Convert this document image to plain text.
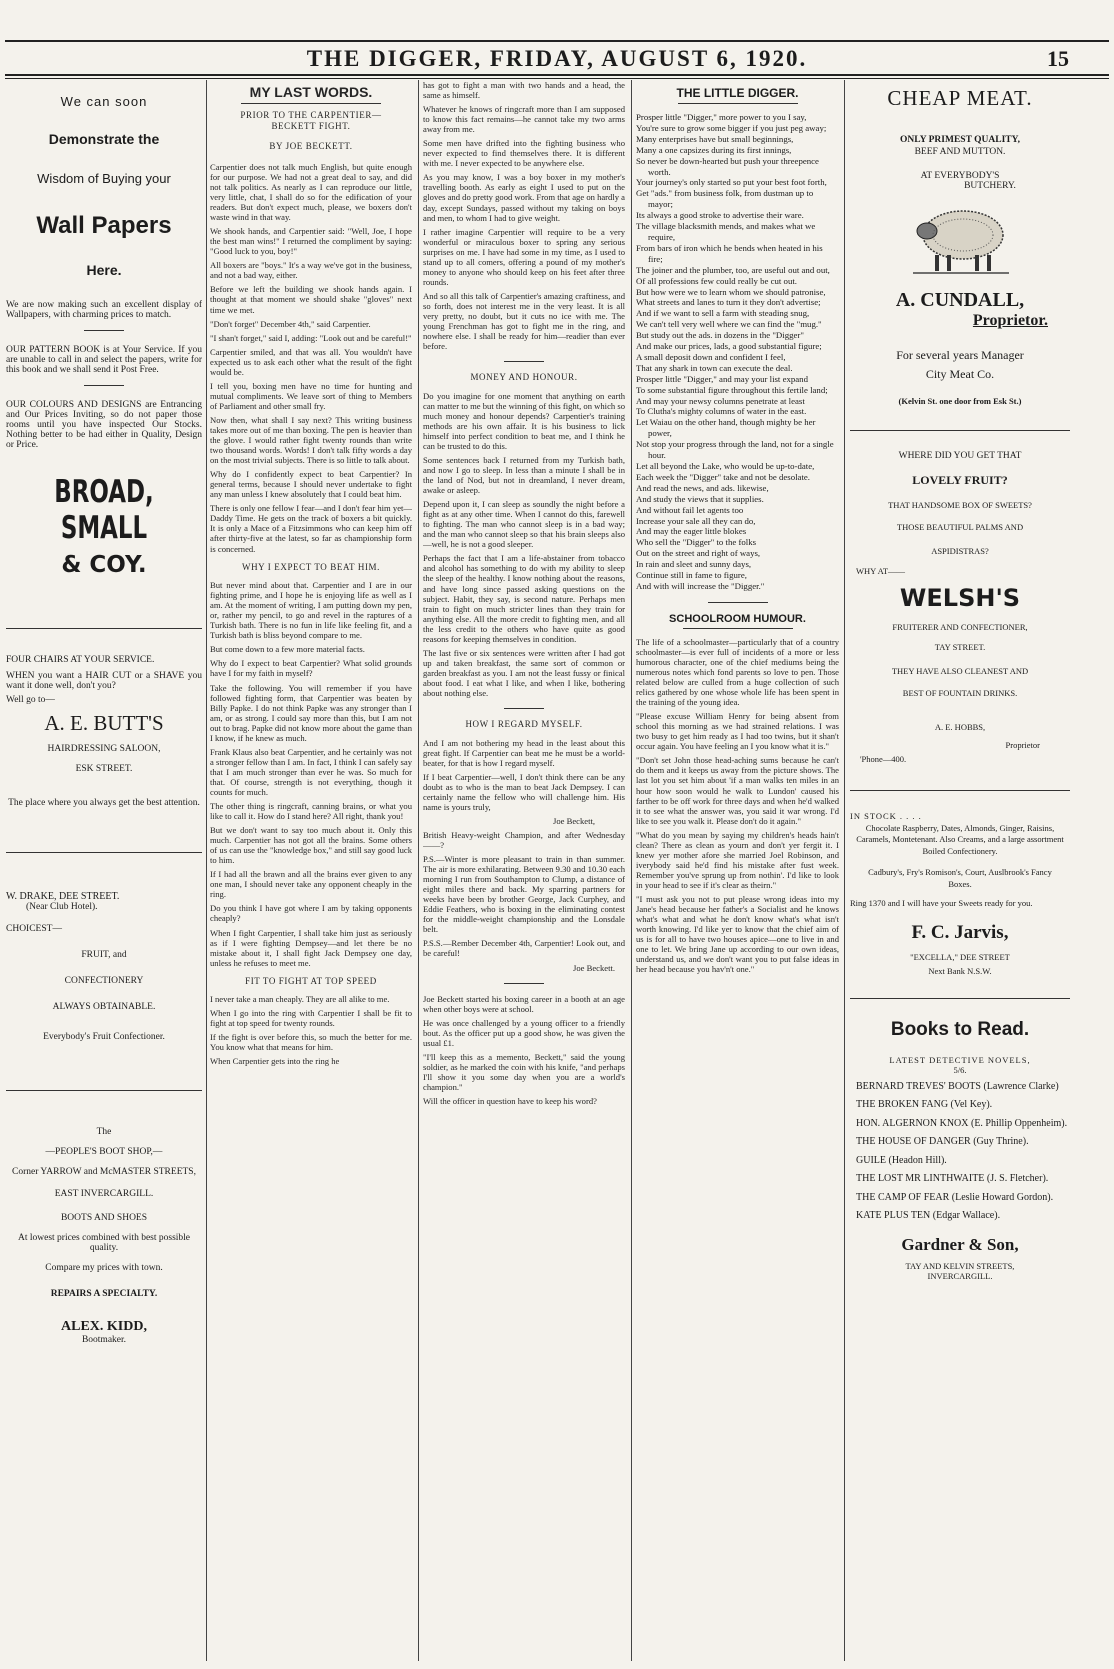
THE DIGGER, FRIDAY, AUGUST 6, 1920.	15
We can soon
Demonstrate the
Wisdom of Buying your
Wall Papers
Here.

We are now making such an excellent display of Wallpapers, with charming prices to match.

OUR PATTERN BOOK is at Your Service. If you are unable to call in and select the papers, write for this book and we shall send it Post Free.

OUR COLOURS AND DESIGNS are Entrancing and Our Prices Inviting, so do not paper those rooms until you have inspected Our Stocks. Nothing better to be had either in Quality, Design or Price.

BROAD, SMALL
& COY.
FOUR CHAIRS AT YOUR SERVICE.

WHEN you want a HAIR CUT or a SHAVE you want it done well, don't you?

Well go to—
A. E. BUTT'S
HAIRDRESSING SALOON,
ESK STREET.
The place where you always get the best attention.
W. DRAKE, DEE STREET.
(Near Club Hotel).
CHOICEST—
FRUIT, and
CONFECTIONERY
ALWAYS OBTAINABLE.
Everybody's Fruit Confectioner.
The
—PEOPLE'S BOOT SHOP,—
Corner YARROW and McMASTER STREETS,
EAST INVERCARGILL.
BOOTS AND SHOES
At lowest prices combined with best possible quality.
Compare my prices with town.
REPAIRS A SPECIALTY.
ALEX. KIDD,
Bootmaker.
MY LAST WORDS.
PRIOR TO THE CARPENTIER—BECKETT FIGHT.
BY JOE BECKETT.

Carpentier does not talk much English, but quite enough for our purpose. We had not a great deal to say, and did not talk politics. As nearly as I can reproduce our little, very little, chat, I shall do so for the edification of your readers. But don't expect much, please, we boxers don't waste wind in that way.

We shook hands, and Carpentier said: "Well, Joe, I hope the best man wins!" I returned the compliment by saying: "Good luck to you, boy!"

All boxers are "boys." It's a way we've got in the business, and not a bad way, either.

Before we left the building we shook hands again. I thought at that moment we should shake "gloves" next time we met.

"Don't forget" December 4th," said Carpentier.

"I shan't forget," said I, adding: "Look out and be careful!"

Carpentier smiled, and that was all. You wouldn't have expected us to ask each other what the result of the fight would be.

I tell you, boxing men have no time for hunting and mutual compliments. We leave sort of thing to Members of Parliament and other small fry.

Now then, what shall I say next? This writing business takes more out of me than boxing. The pen is heavier than the glove. I would rather fight twenty rounds than write two thousand words. Words! I don't talk fifty words a day on the most trivial subjects. There is so little to talk about.

Why do I confidently expect to beat Carpentier? In general terms, because I should never undertake to fight any man unless I knew absolutely that I could beat him.

There is only one fellow I fear—and I don't fear him yet—Daddy Time. He gets on the track of boxers a bit quickly. It is only a Mace of a Fitzsimmons who can keep him off after thirty-five at the latest, so far as championship form is concerned.

WHY I EXPECT TO BEAT HIM.

But never mind about that. Carpentier and I are in our fighting prime, and I hope he is enjoying life as well as I am. At the moment of writing, I am putting down my pen, or, rather my pencil, to go and revel in the raptures of a Turkish bath. There is no fun in life like feeling fit, and a Turkish bath is bliss beyond compare to me.

But come down to a few more material facts.

Why do I expect to beat Carpentier? What solid grounds have I for my faith in myself?

Take the following. You will remember if you have followed fighting form, that Carpentier was beaten by Billy Papke. I do not think Papke was any stronger than I am, or as strong. I could say more than this, but I am not out to brag. Papke did not know more about the game than I know, if he knew as much.

Frank Klaus also beat Carpentier, and he certainly was not a stronger fellow than I am. In fact, I think I can safely say that I am much stronger than ever he was. So much for that. Of course, strength is not everything, though it counts for much.

The other thing is ringcraft, canning brains, or what you like to call it. How do I stand here? All right, thank you!

But we don't want to say too much about it. Only this much. Carpentier has not got all the brains. Some others of us can use the "knowledge box," and still say good luck to him.

If I had all the brawn and all the brains ever given to any one man, I should never take any opponent cheaply in the ring.

Do you think I have got where I am by taking opponents cheaply?

When I fight Carpentier, I shall take him just as seriously as if I were fighting Dempsey—and let there be no mistake about it, I shall fight Jack Dempsey one day, unless he refuses to meet me.

FIT TO FIGHT AT TOP SPEED

I never take a man cheaply. They are all alike to me.

When I go into the ring with Carpentier I shall be fit to fight at top speed for twenty rounds.

If the fight is over before this, so much the better for me. You know what that means for him.

When Carpentier gets into the ring he

has got to fight a man with two hands and a head, the same as himself.

Whatever he knows of ringcraft more than I am supposed to know this fact remains—he cannot take my two arms away from me.

Some men have drifted into the fighting business who never expected to find themselves there. It is different with me. I never expected to be anywhere else.

As you may know, I was a boy boxer in my mother's travelling booth. As early as eight I used to put on the gloves and do pretty good work. From that age on hardly a day, except Sundays, passed without my taking on boys and men, to whom I had to give weight.

I rather imagine Carpentier will require to be a very wonderful or miraculous boxer to spring any serious surprises on me. I have had some in my time, as I used to stand up to all comers, offering a pound of my mother's money to anyone who should keep on his feet after three rounds.

And so all this talk of Carpentier's amazing craftiness, and so forth, does not interest me in the very least. It is all very pretty, no doubt, but it cuts no ice with me. The young Frenchman has got to fight me in the ring, and nowhere else. I shall be ready for him—readier than ever before.

MONEY AND HONOUR.

Do you imagine for one moment that anything on earth can matter to me but the winning of this fight, on which so much money and honour depends? Carpentier's training methods are his own affair. It is his business to lick himself into perfect condition to beat me, and I think he can be trusted to do this.

Some sentences back I returned from my Turkish bath, and now I go to sleep. In less than a minute I shall be in the land of Nod, but not in dreamland, I never dream, awake or asleep.

Depend upon it, I can sleep as soundly the night before a fight as at any other time. When I cannot do this, farewell to fighting. The man who cannot sleep is in a bad way; and the man who cannot sleep so that his brain sleeps also—well, he is not a good sleeper.

Perhaps the fact that I am a life-abstainer from tobacco and alcohol has something to do with my ability to sleep the sleep of the healthy. I know nothing about the reasons, and have long since passed asking questions on the subject. Habit, they say, is second nature. Perhaps men train to fight on much stricter lines than they train for anything else. All the more credit to fighting men, and all the less credit to the others who have quite as good reasons for keeping themselves in condition.

The last five or six sentences were written after I had got up and taken breakfast, the same sort of common or garden breakfast as you. I am not the least fussy or finical about food. I eat what I like, and when I like, bothering about nothing else.

HOW I REGARD MYSELF.

And I am not bothering my head in the least about this great fight. If Carpentier can beat me he must be a world-beater, for that is how I regard myself.

If I beat Carpentier—well, I don't think there can be any doubt as to who is the man to beat Jack Dempsey. I can certainly name the fellow who will challenge him. His name is yours truly,

Joe Beckett,

British Heavy-weight Champion, and after Wednesday ——?

P.S.—Winter is more pleasant to train in than summer. The air is more exhilarating. Between 9.30 and 10.30 each morning I run from Southampton to Clump, a distance of eight miles there and back. My sparring partners for weeks have been by brother George, Jack Curphey, and Eddie Feathers, who is boxing in the eliminating contest for the middle-weight championship and the Lonsdale belt.

P.S.S.—Rember December 4th, Carpentier! Look out, and be careful!

Joe Beckett.

Joe Beckett started his boxing career in a booth at an age when other boys were at school.

He was once challenged by a young officer to a friendly bout. As the officer put up a good show, he was given the usual £1.

"I'll keep this as a memento, Beckett," said the young soldier, as he marked the coin with his knife, "and perhaps I'll show it you some day when you are a world's champion."

Will the officer in question have to keep his word?

THE LITTLE DIGGER.
Prosper little "Digger," more power to you I say,
You're sure to grow some bigger if you just peg away;
Many enterprises have but small beginnings,
Many a one capsizes during its first innings,
So never be down-hearted but push your threepence worth.
Your journey's only started so put your best foot forth,
Get "ads." from business folk, from dustman up to mayor;
Its always a good stroke to advertise their ware.
The village blacksmith mends, and makes what we require,
From bars of iron which he bends when heated in his fire;
The joiner and the plumber, too, are useful out and out,
Of all professions few could really be cut out.
But how were we to learn whom we should patronise,
What streets and lanes to turn it they don't advertise;
And if we want to sell a farm with steading snug,
We can't tell very well where we can find the "mug."
But study out the ads. in dozens in the "Digger"
And make our prices, lads, a good substantial figure;
A small deposit down and confident I feel,
That any shark in town can execute the deal.
Prosper little "Digger," and may your list expand
To some substantial figure throughout this fertile land;
And may your newsy columns penetrate at least
To Clutha's mighty columns of water in the east.
Let Waiau on the other hand, though mighty be her power,
Not stop your progress through the land, not for a single hour.
Let all beyond the Lake, who would be up-to-date,
Each week the "Digger" take and not be desolate.
And read the news, and ads. likewise,
And study the views that it supplies.
And without fail let agents too
Increase your sale all they can do,
And may the eager little blokes
Who sell the "Digger" to the folks
Out on the street and right of ways,
In rain and sleet and sunny days,
Continue still in fame to figure,
And with will increase the "Digger."
SCHOOLROOM HUMOUR.

The life of a schoolmaster—particularly that of a country schoolmaster—is ever full of incidents of a more or less humorous character, one of the chief mediums being the numerous notes which fond parents so love to pen. Those related below are culled from a huge collection of such relics gathered by one whose whole life has been spent in the training of the young idea.

"Please excuse William Henry for being absent from school this morning as we had strained relations. I was two busy to get him ready as I had too twins, but it shan't occur again. You have feeling an I you know what it is."

"Don't set John those head-aching sums because he can't do them and it keeps us away from the picture shows. The last lot you set him about 'if a man walks ten miles in an hour how soon would he walk to Lundon' caused his farther to be off work for three days and when he'd walked it to see what the answer was, you said it war wrong. I'd like to see you walk it. Please don't do it again."

"What do you mean by saying my children's heads hain't clean? There as clean as yourn and don't yer fergit it. I knew yer mother afore she married Joel Robinson, and iverybody said he'd find his mistake after fust week. Remember you've sprung up from nothin'. I'd like to look in your head to see if it's clear as theirn."

"I must ask you not to put please wrong ideas into my Jane's head because her father's a Socialist and he knows what's what and what he don't know what's what isn't worth knowing. I'd like yer to know that the chief aim of us is for all to have two houses apice—one to live in and one to let. We bring Jane up according to our own ideas, understand us, and we don't want you to put false ideas in her head because you hav'n't one."

CHEAP MEAT.
ONLY PRIMEST QUALITY,
BEEF AND MUTTON.
AT EVERYBODY'S
BUTCHERY.
A. CUNDALL,
Proprietor.
For several years Manager
City Meat Co.
(Kelvin St. one door from Esk St.)
WHERE DID YOU GET THAT
LOVELY FRUIT?
THAT HANDSOME BOX OF SWEETS?
THOSE BEAUTIFUL PALMS AND
ASPIDISTRAS?
WHY AT——
WELSH'S
FRUITERER AND CONFECTIONER,
TAY STREET.
THEY HAVE ALSO CLEANEST AND
BEST OF FOUNTAIN DRINKS.
A. E. HOBBS,
Proprietor
'Phone—400.
IN STOCK . . . .
Chocolate Raspberry, Dates, Almonds, Ginger, Raisins, Caramels, Montetenant. Also Creams, and a large assortment Boiled Confectionery.
Cadbury's, Fry's Romison's, Court, Auslbrook's Fancy Boxes.
Ring 1370 and I will have your Sweets ready for you.
F. C. Jarvis,
"EXCELLA," DEE STREET
Next Bank N.S.W.
Books to Read.
LATEST DETECTIVE NOVELS,
5/6.
BERNARD TREVES' BOOTS (Lawrence Clarke)
THE BROKEN FANG (Vel Key).
HON. ALGERNON KNOX (E. Phillip Oppenheim).
THE HOUSE OF DANGER (Guy Thrine).
GUILE (Headon Hill).
THE LOST MR LINTHWAITE (J. S. Fletcher).
THE CAMP OF FEAR (Leslie Howard Gordon).
KATE PLUS TEN (Edgar Wallace).
Gardner & Son,
TAY AND KELVIN STREETS,
INVERCARGILL.
